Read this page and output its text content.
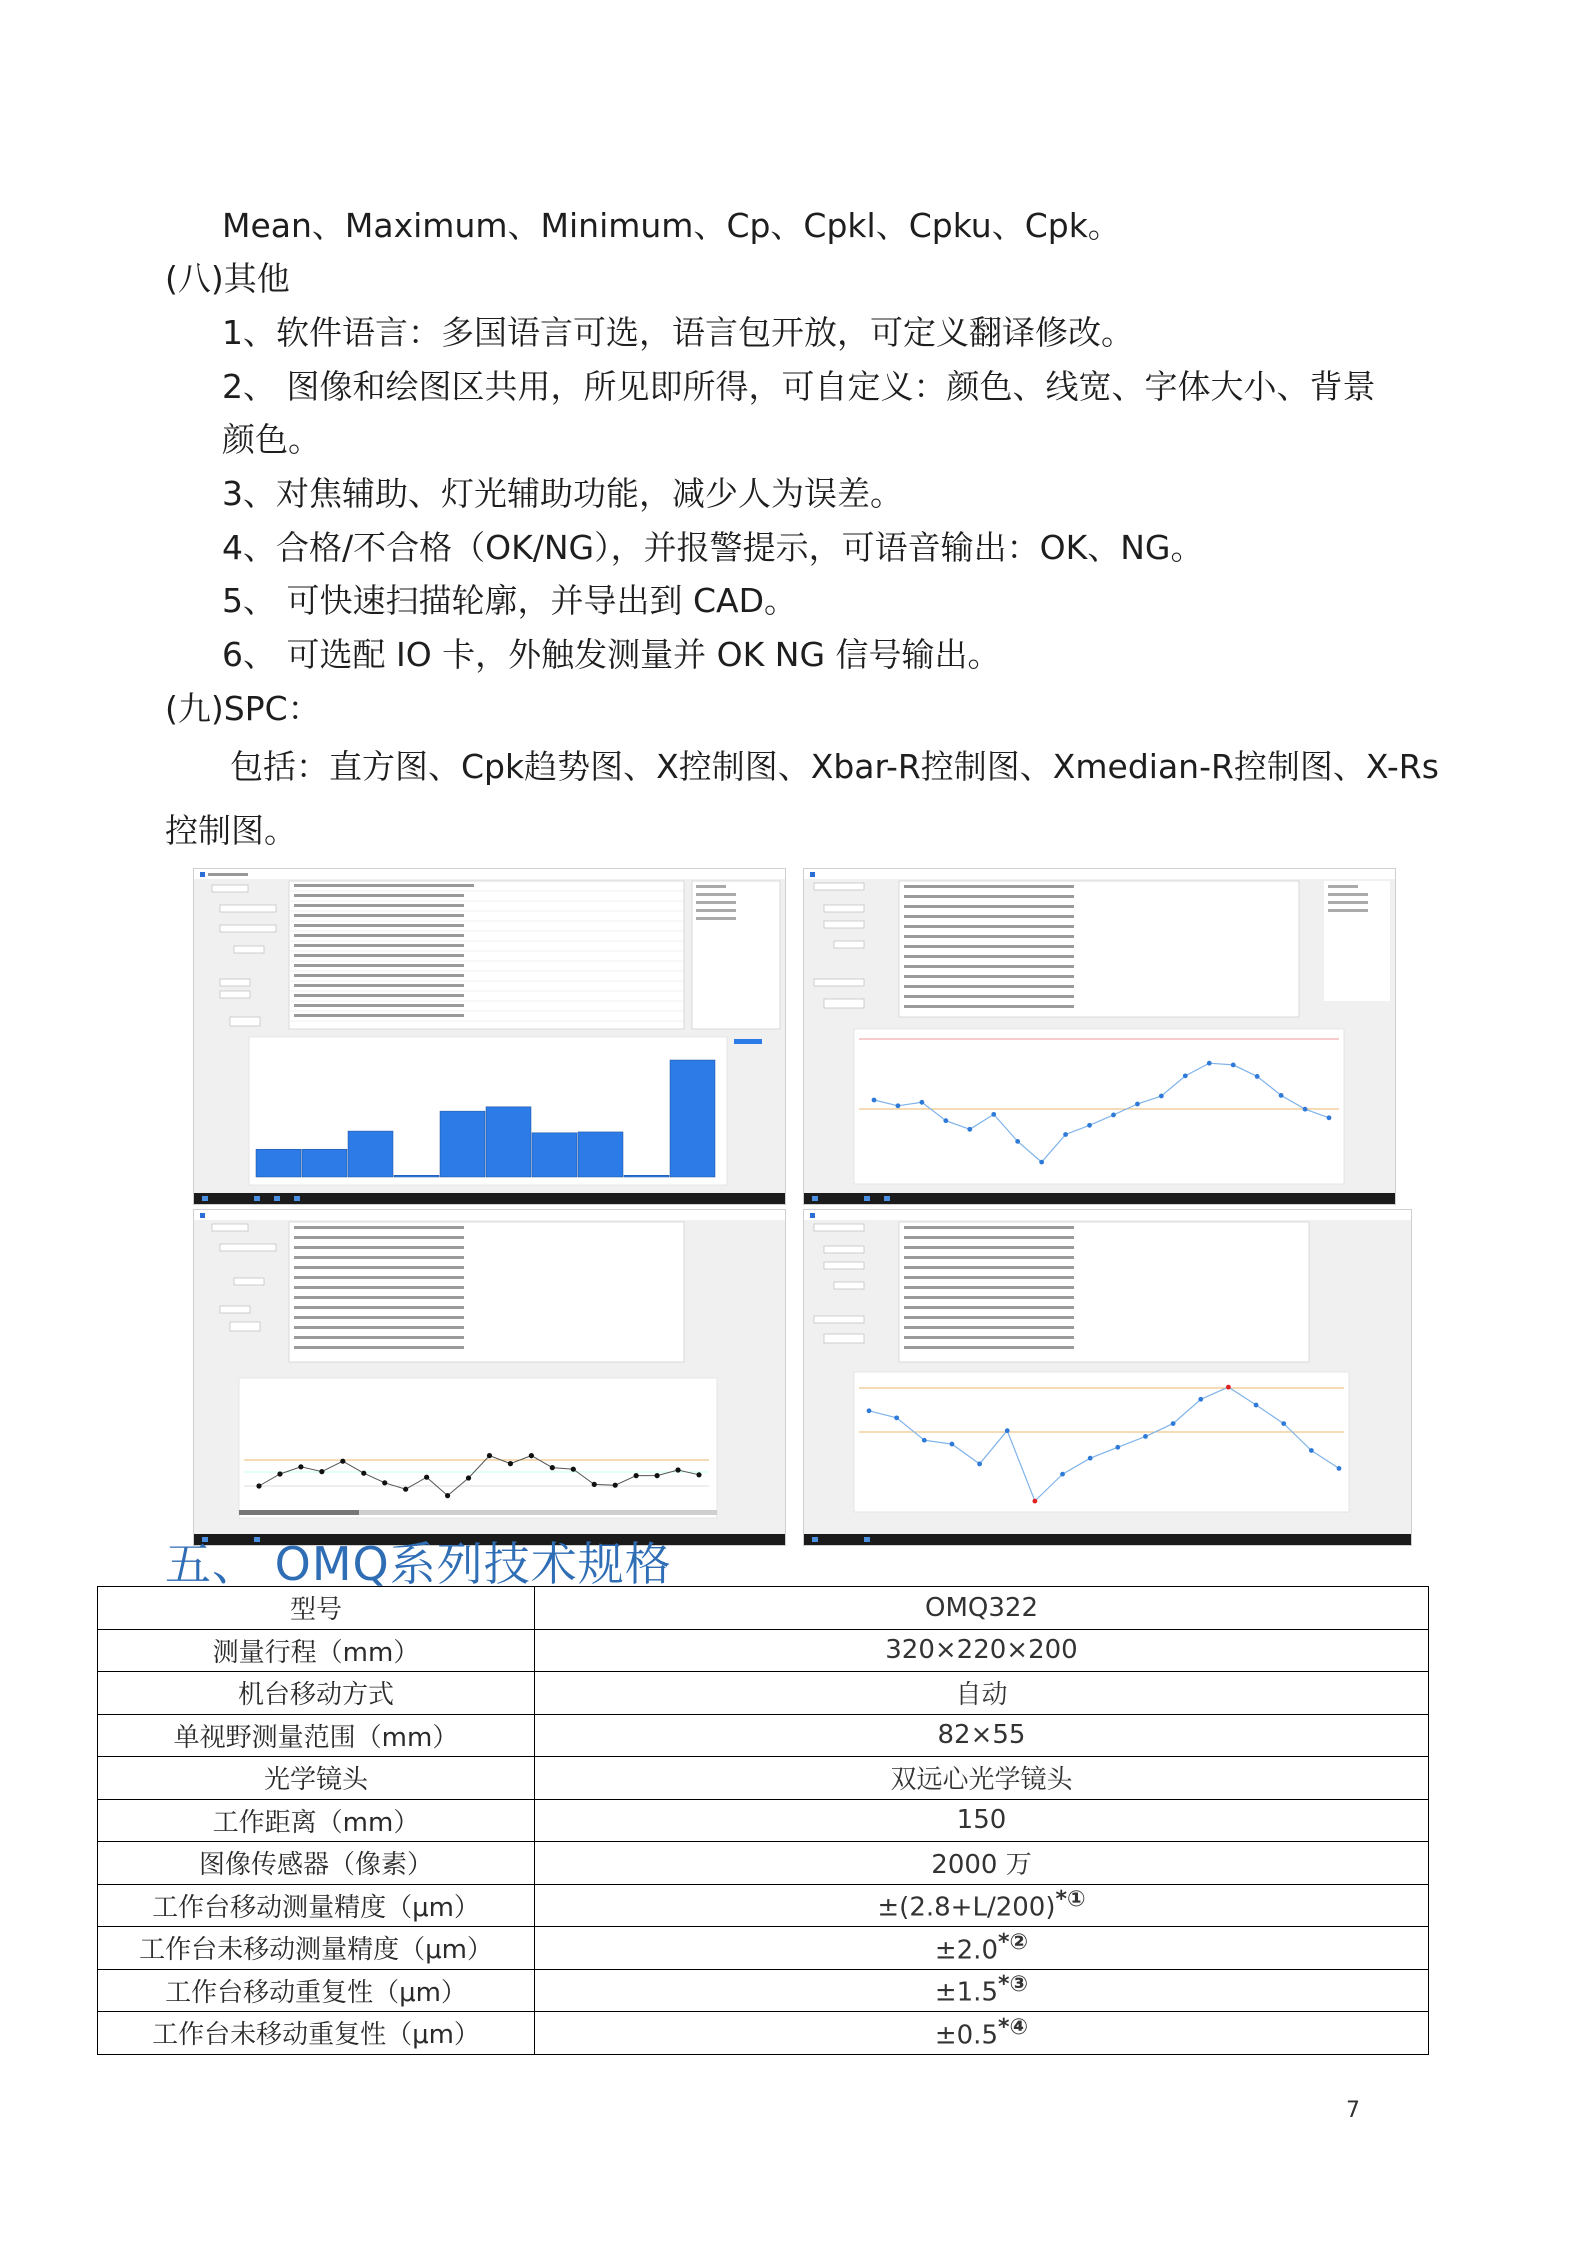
Mean、Maximum、Minimum、Cp、Cpkl、Cpku、Cpk。
(八)其他
1、软件语言：多国语言可选，语言包开放，可定义翻译修改。
2、 图像和绘图区共用，所见即所得，可自定义：颜色、线宽、字体大小、背景
颜色。
3、对焦辅助、灯光辅助功能，减少人为误差。
4、合格/不合格（OK/NG），并报警提示，可语音输出：OK、NG。
5、 可快速扫描轮廓，并导出到 CAD。
6、 可选配 IO 卡，外触发测量并 OK NG 信号输出。
(九)SPC：
包括：直方图、Cpk趋势图、X控制图、Xbar-R控制图、Xmedian-R控制图、X-Rs
控制图。
五、 OMQ系列技术规格
型号	OMQ322
测量行程（mm）	320×220×200
机台移动方式	自动
单视野测量范围（mm）	82×55
光学镜头	双远心光学镜头
工作距离（mm）	150
图像传感器（像素）	2000 万
工作台移动测量精度（μm）	±(2.8+L/200)*①
工作台未移动测量精度（μm）	±2.0*②
工作台移动重复性（μm）	±1.5*③
工作台未移动重复性（μm）	±0.5*④
7
